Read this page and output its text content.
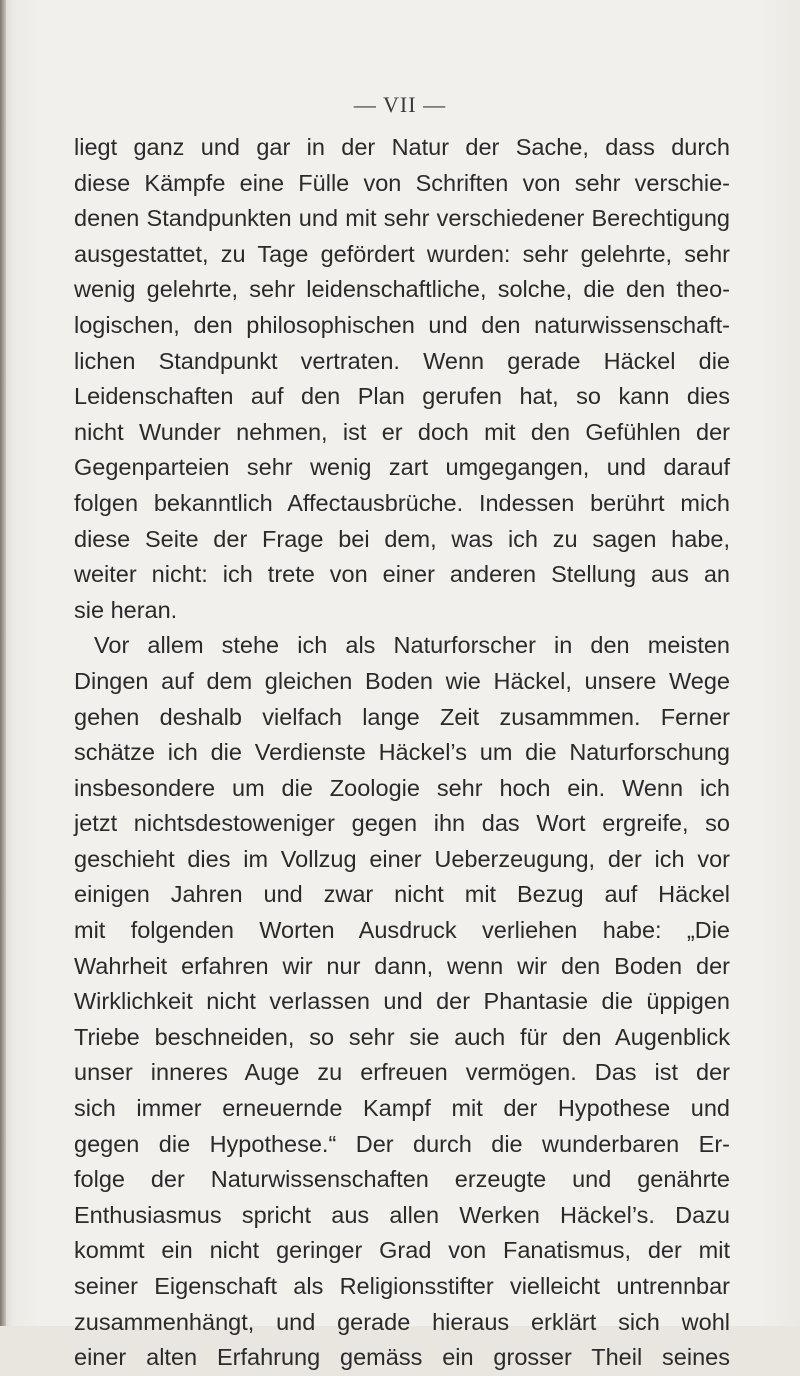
— VII —
liegt ganz und gar in der Natur der Sache, dass durch
diese Kämpfe eine Fülle von Schriften von sehr verschie-
denen Standpunkten und mit sehr verschiedener Berechtigung
ausgestattet, zu Tage gefördert wurden: sehr gelehrte, sehr
wenig gelehrte, sehr leidenschaftliche, solche, die den theo-
logischen, den philosophischen und den naturwissenschaft-
lichen Standpunkt vertraten. Wenn gerade Häckel die
Leidenschaften auf den Plan gerufen hat, so kann dies
nicht Wunder nehmen, ist er doch mit den Gefühlen der
Gegenparteien sehr wenig zart umgegangen, und darauf
folgen bekanntlich Affectausbrüche. Indessen berührt mich
diese Seite der Frage bei dem, was ich zu sagen habe,
weiter nicht: ich trete von einer anderen Stellung aus an
sie heran.
Vor allem stehe ich als Naturforscher in den meisten
Dingen auf dem gleichen Boden wie Häckel, unsere Wege
gehen deshalb vielfach lange Zeit zusammmen. Ferner
schätze ich die Verdienste Häckel’s um die Naturforschung
insbesondere um die Zoologie sehr hoch ein. Wenn ich
jetzt nichtsdestoweniger gegen ihn das Wort ergreife, so
geschieht dies im Vollzug einer Ueberzeugung, der ich vor
einigen Jahren und zwar nicht mit Bezug auf Häckel
mit folgenden Worten Ausdruck verliehen habe: „Die
Wahrheit erfahren wir nur dann, wenn wir den Boden der
Wirklichkeit nicht verlassen und der Phantasie die üppigen
Triebe beschneiden, so sehr sie auch für den Augenblick
unser inneres Auge zu erfreuen vermögen. Das ist der
sich immer erneuernde Kampf mit der Hypothese und
gegen die Hypothese.“ Der durch die wunderbaren Er-
folge der Naturwissenschaften erzeugte und genährte
Enthusiasmus spricht aus allen Werken Häckel’s. Dazu
kommt ein nicht geringer Grad von Fanatismus, der mit
seiner Eigenschaft als Religionsstifter vielleicht untrennbar
zusammenhängt, und gerade hieraus erklärt sich wohl
einer alten Erfahrung gemäss ein grosser Theil seines
